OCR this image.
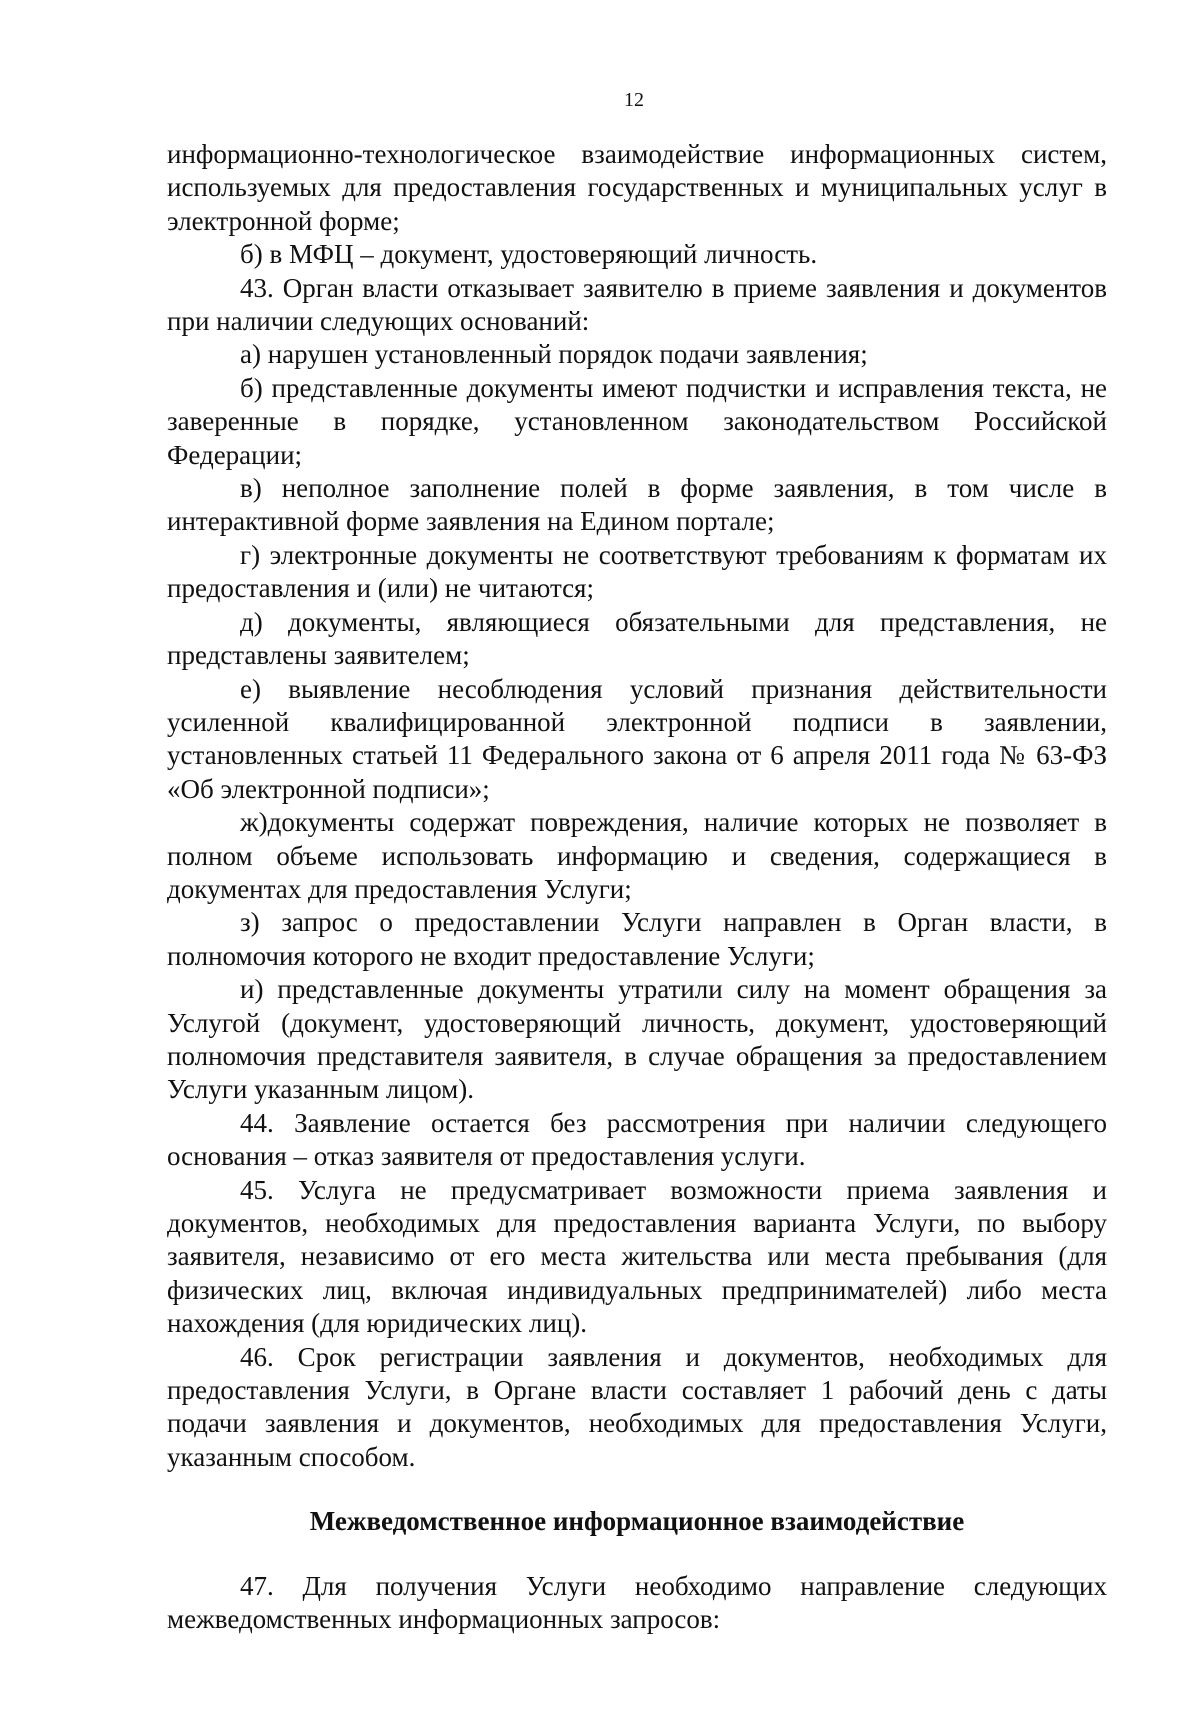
12

информационно-технологическое взаимодействие информационных систем, используемых для предоставления государственных и муниципальных услуг в электронной форме;

б) в МФЦ – документ, удостоверяющий личность.

43. Орган власти отказывает заявителю в приеме заявления и документов при наличии следующих оснований:

а) нарушен установленный порядок подачи заявления;

б) представленные документы имеют подчистки и исправления текста, не заверенные в порядке, установленном законодательством Российской Федерации;

в) неполное заполнение полей в форме заявления, в том числе в интерактивной форме заявления на Едином портале;

г) электронные документы не соответствуют требованиям к форматам их предоставления и (или) не читаются;

д) документы, являющиеся обязательными для представления, не представлены заявителем;

е) выявление несоблюдения условий признания действительности усиленной квалифицированной электронной подписи в заявлении, установленных статьей 11 Федерального закона от 6 апреля 2011 года № 63-ФЗ «Об электронной подписи»;

ж)документы содержат повреждения, наличие которых не позволяет в полном объеме использовать информацию и сведения, содержащиеся в документах для предоставления Услуги;

з) запрос о предоставлении Услуги направлен в Орган власти, в полномочия которого не входит предоставление Услуги;

и) представленные документы утратили силу на момент обращения за Услугой (документ, удостоверяющий личность, документ, удостоверяющий полномочия представителя заявителя, в случае обращения за предоставлением Услуги указанным лицом).

44. Заявление остается без рассмотрения при наличии следующего основания – отказ заявителя от предоставления услуги.

45. Услуга не предусматривает возможности приема заявления и документов, необходимых для предоставления варианта Услуги, по выбору заявителя, независимо от его места жительства или места пребывания (для физических лиц, включая индивидуальных предпринимателей) либо места нахождения (для юридических лиц).

46. Срок регистрации заявления и документов, необходимых для предоставления Услуги, в Органе власти составляет 1 рабочий день с даты подачи заявления и документов, необходимых для предоставления Услуги, указанным способом.

Межведомственное информационное взаимодействие

47. Для получения Услуги необходимо направление следующих межведомственных информационных запросов:
